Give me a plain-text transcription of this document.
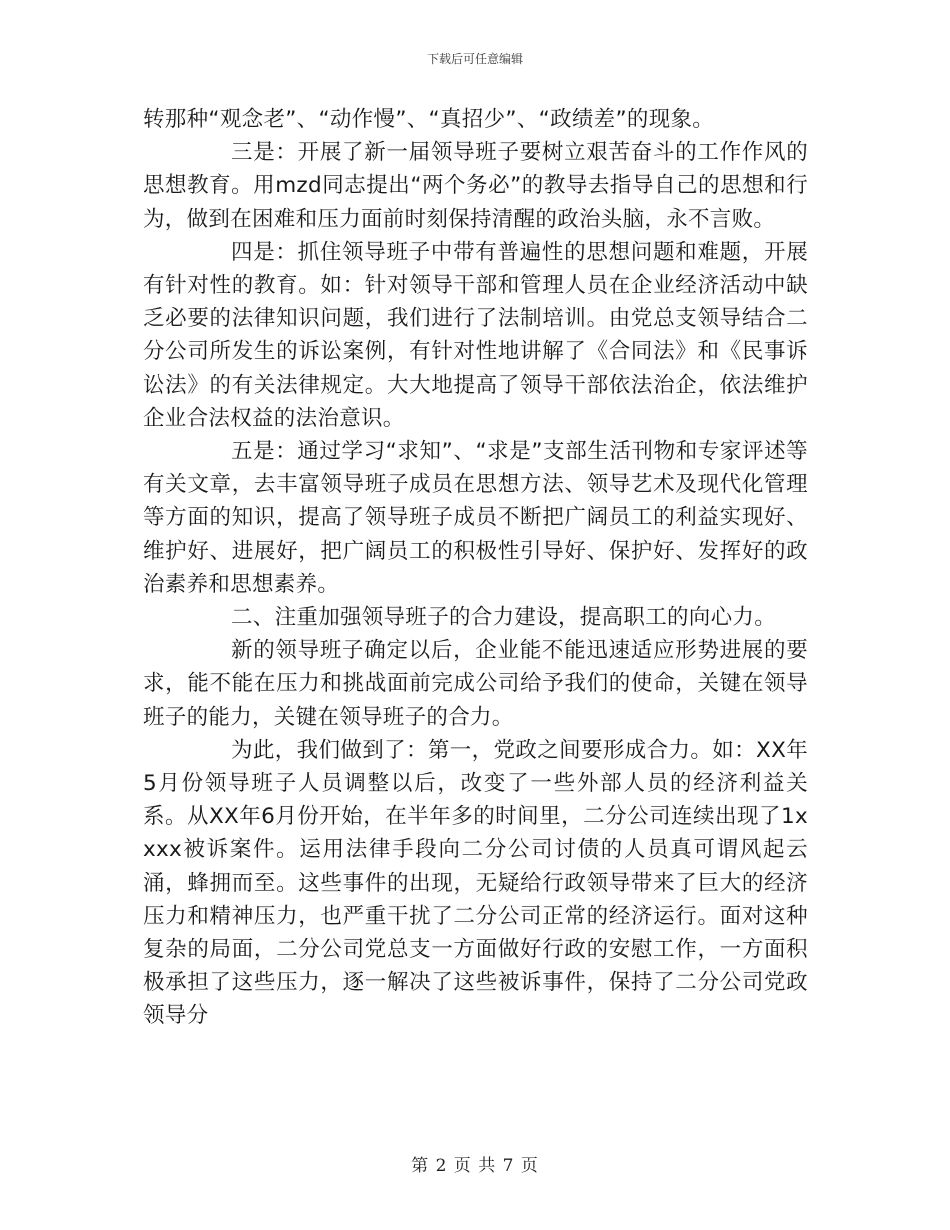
下载后可任意编辑

转那种“观念老”、“动作慢”、“真招少”、“政绩差”的现象。

三是：开展了新一届领导班子要树立艰苦奋斗的工作作风的思想教育。用mzd同志提出“两个务必”的教导去指导自己的思想和行为，做到在困难和压力面前时刻保持清醒的政治头脑，永不言败。

四是：抓住领导班子中带有普遍性的思想问题和难题，开展有针对性的教育。如：针对领导干部和管理人员在企业经济活动中缺乏必要的法律知识问题，我们进行了法制培训。由党总支领导结合二分公司所发生的诉讼案例，有针对性地讲解了《合同法》和《民事诉讼法》的有关法律规定。大大地提高了领导干部依法治企，依法维护企业合法权益的法治意识。

五是：通过学习“求知”、“求是”支部生活刊物和专家评述等有关文章，去丰富领导班子成员在思想方法、领导艺术及现代化管理等方面的知识，提高了领导班子成员不断把广阔员工的利益实现好、维护好、进展好，把广阔员工的积极性引导好、保护好、发挥好的政治素养和思想素养。

二、注重加强领导班子的合力建设，提高职工的向心力。

新的领导班子确定以后，企业能不能迅速适应形势进展的要求，能不能在压力和挑战面前完成公司给予我们的使命，关键在领导班子的能力，关键在领导班子的合力。

为此，我们做到了：第一，党政之间要形成合力。如：XX年5月份领导班子人员调整以后，改变了一些外部人员的经济利益关系。从XX年6月份开始，在半年多的时间里，二分公司连续出现了1xxxx被诉案件。运用法律手段向二分公司讨债的人员真可谓风起云涌，蜂拥而至。这些事件的出现，无疑给行政领导带来了巨大的经济压力和精神压力，也严重干扰了二分公司正常的经济运行。面对这种复杂的局面，二分公司党总支一方面做好行政的安慰工作，一方面积极承担了这些压力，逐一解决了这些被诉事件，保持了二分公司党政领导分

第 2 页 共 7 页
